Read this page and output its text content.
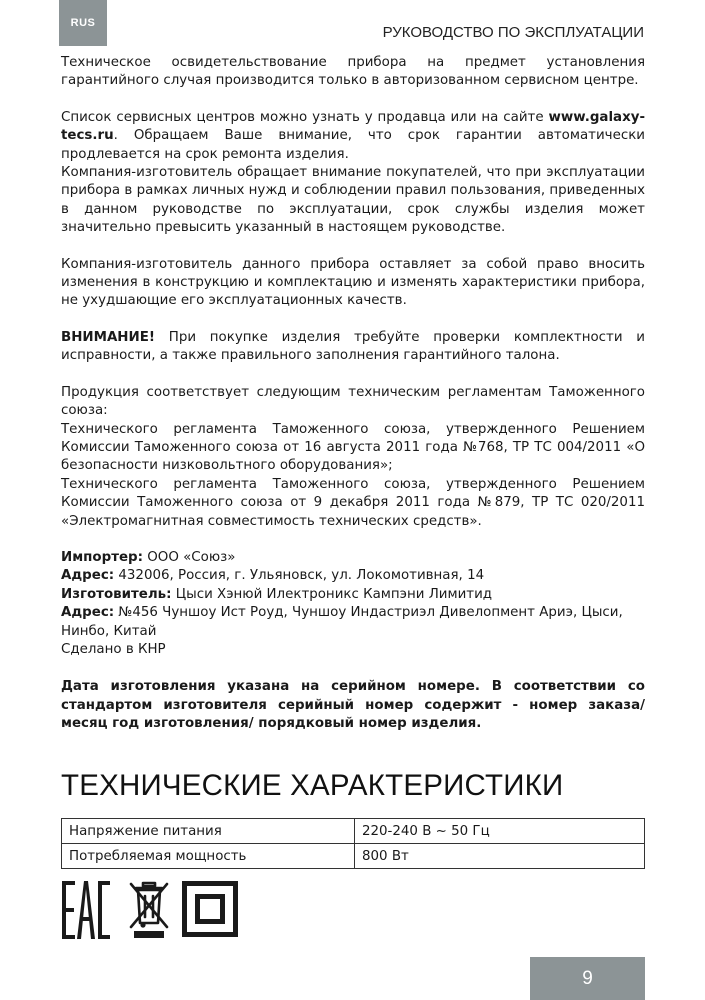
RUS
РУКОВОДСТВО ПО ЭКСПЛУАТАЦИИ

Техническое освидетельствование прибора на предмет установления гарантийного случая производится только в авторизованном сервисном центре.

Список сервисных центров можно узнать у продавца или на сайте www.galaxy-tecs.ru. Обращаем Ваше внимание, что срок гарантии автоматически продлевается на срок ремонта изделия.

Компания-изготовитель обращает внимание покупателей, что при эксплуатации прибора в рамках личных нужд и соблюдении правил пользования, приведенных в данном руководстве по эксплуатации, срок службы изделия может значительно превысить указанный в настоящем руководстве.

Компания-изготовитель данного прибора оставляет за собой право вносить изменения в конструкцию и комплектацию и изменять характеристики прибора, не ухудшающие его эксплуатационных качеств.

ВНИМАНИЕ! При покупке изделия требуйте проверки комплектности и исправности, а также правильного заполнения гарантийного талона.

Продукция соответствует следующим техническим регламентам Таможенного союза:

Технического регламента Таможенного союза, утвержденного Решением Комиссии Таможенного союза от 16 августа 2011 года №768, ТР ТС 004/2011 «О безопасности низковольтного оборудования»;

Технического регламента Таможенного союза, утвержденного Решением Комиссии Таможенного союза от 9 декабря 2011 года №879, ТР ТС 020/2011 «Электромагнитная совместимость технических средств».

Импортер: ООО «Союз»

Адрес: 432006, Россия, г. Ульяновск, ул. Локомотивная, 14

Изготовитель: Цыси Хэнюй Илектроникс Кампэни Лимитид

Адрес: №456 Чуншоу Ист Роуд, Чуншоу Индастриэл Дивелопмент Ариэ, Цыси, Нинбо, Китай

Сделано в КНР

Дата изготовления указана на серийном номере. В соответствии со стандартом изготовителя серийный номер содержит - номер заказа/месяц год изготовления/ порядковый номер изделия.

ТЕХНИЧЕСКИЕ ХАРАКТЕРИСТИКИ
Напряжение питания	220-240 В ~ 50 Гц
Потребляемая мощность	800 Вт
9
